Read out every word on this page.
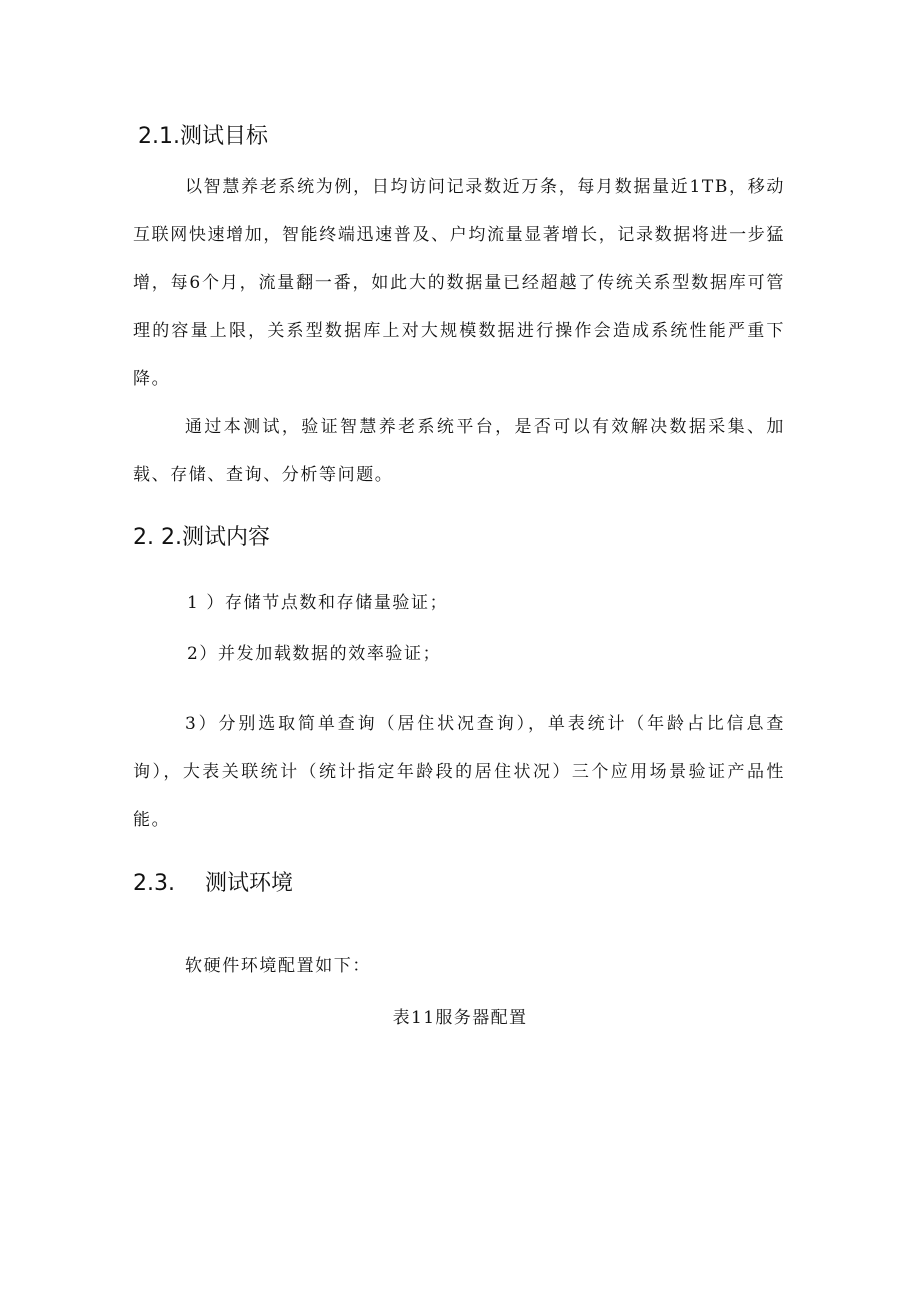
2.1.测试目标

以智慧养老系统为例，日均访问记录数近万条，每月数据量近1TB，移动互联网快速增加，智能终端迅速普及、户均流量显著增长，记录数据将进一步猛增，每6个月，流量翻一番，如此大的数据量已经超越了传统关系型数据库可管理的容量上限，关系型数据库上对大规模数据进行操作会造成系统性能严重下降。

通过本测试，验证智慧养老系统平台，是否可以有效解决数据采集、加载、存储、查询、分析等问题。

2. 2.测试内容

1 ）存储节点数和存储量验证；

2）并发加载数据的效率验证；

3）分别选取简单查询（居住状况查询），单表统计（年龄占比信息查询），大表关联统计（统计指定年龄段的居住状况）三个应用场景验证产品性能。

2.3. 测试环境

软硬件环境配置如下：

表11服务器配置
